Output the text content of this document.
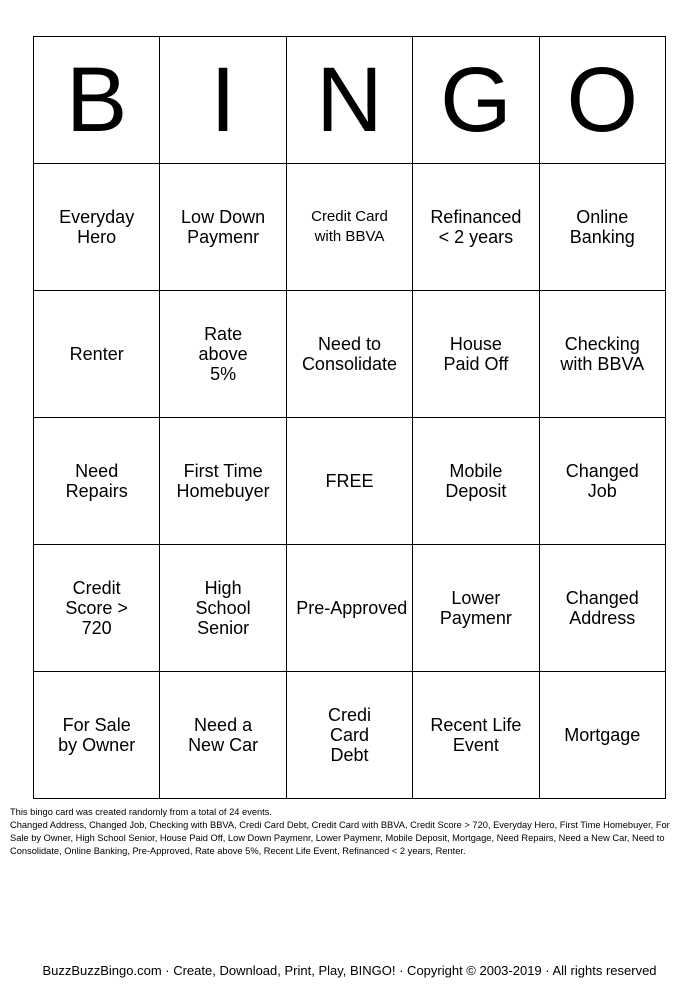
B	I	N	G	O
Everyday Hero	Low Down Paymenr	Credit Card with BBVA	Refinanced < 2 years	Online Banking
Renter	Rate above 5%	Need to Consolidate	House Paid Off	Checking with BBVA
Need Repairs	First Time Homebuyer	FREE	Mobile Deposit	Changed Job
Credit Score > 720	High School Senior	Pre-Approved	Lower Paymenr	Changed Address
For Sale by Owner	Need a New Car	Credi Card Debt	Recent Life Event	Mortgage
This bingo card was created randomly from a total of 24 events.
Changed Address, Changed Job, Checking with BBVA, Credi Card Debt, Credit Card with BBVA, Credit Score > 720, Everyday Hero, First Time Homebuyer, For Sale by Owner, High School Senior, House Paid Off, Low Down Paymenr, Lower Paymenr, Mobile Deposit, Mortgage, Need Repairs, Need a New Car, Need to Consolidate, Online Banking, Pre-Approved, Rate above 5%, Recent Life Event, Refinanced < 2 years, Renter.
BuzzBuzzBingo.com · Create, Download, Print, Play, BINGO! · Copyright © 2003-2019 · All rights reserved
